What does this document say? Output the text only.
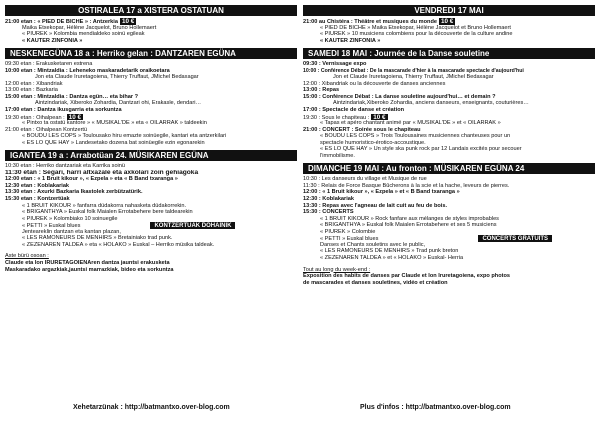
OSTIRALEA 17 a XISTERA OSTATUAN
21:00 etan : « PIED DE BICHE » : Antzerkia 10 €
Maika Etxekopar, Hélène Jacquelot, Bruno Hollemaert
« PIUREK » Kolombia mendialdeko soinü egileak
« KAUTER ZINFONIA »
NESKENEGÜNA 18 a : Herriko gelan : DANTZAREN EGÜNA
09:30 etan : Erakusketaren estrena
10:00 etan : Mintzaldia : Leheneko maskaradetarik oraikoetara
Jon eta Claude Iruretagoiena, Thierry Truffaut, JMichel Bedaxagar
12:00 etan : Xibandriak
13:00 etan : Bazkaria
15:00 etan : Mintzaldia : Dantza egün… eta bihar ?
Aintzindariak, Xiberoko Zohardia, Dantzari ohi, Erakasle, dendari…
17:00 etan : Dantza ikusgarria eta sorkuntza
19:30 etan : Oihalpean : 10 €
« Pintxo ta ostatü kantore » « MÜSIKAL'DE » eta « OILARRAK » taldeekin
21:00 etan : Oihalpean Kontzertü
« BOUDU LES COPS » Toulousako hiru emazte soinüegile, kantari eta antzerkilari
« ES LO QUE HAY » Landesetako dozena bat soinüegile ezin egonarekin
IGANTEA 19 a : Arrabotüan 24. MÜSIKAREN EGÜNA
10:30 etan : Herriko dantzariak eta Karrika soinü
11:30 etan : Segari, harri altxazale eta axkolari zoin gehiagoka
12:00 etan : « 1 Bruit kikour », « Ezpela » eta « B Band txaranga »
12:30 etan : Koblakariak
13:30 etan : Axurki Bazkaria Ikastolek zerbützatürik.
15:30 etan : Kontzertüak
« 1 BRUIT KIKOUR » fanfarra düdakorra nahasketa düdakorrekin.
« BRIGANTHYA » Euskal folk Maialen Errotabehere bere taldearekin
« PIUREK » Kolombiako 10 soinuegile
« PETTI » Euskal blues	KONTZERTUAK DOHAINIK
Jenteareklin dantzan eta kantan plazan,
« LES RAMONEURS DE MENHIRS » Bretainiako trad punk.
« ZEZENAREN TALDEA » eta « HOLAKO » Euskal – Herriko müsika taldeak.
Aste bürü osoan :
Claude eta Ion IRURETAGOIENAren dantza jauntsi erakusketa
Maskaradako argazkiak,jauntsi marrazkiak, bideo eta sorkuntza
VENDREDI 17 MAI
21:00 au Chistéra : Théâtre et musiques du monde 10 €
« PIED DE BICHE » Maika Etxekopar, Hélène Jacquelot et Bruno Hollemaert
« PIUREK » 10 musiciens colombiens pour la découverte de la culture andine
« KAUTER ZINFONIA »
SAMEDI 18 MAI : Journée de la Danse souletine
09:30 : Vernissage expo
10:00 : Conférence Débat : De la mascarade d'hier à la mascarade spectacle d'aujourd'hui
Jon et Claude Iruretagoiena, Thierry Truffaut, JMichel Bedaxagar
12:00 : Xibandriak ou la découverte de danses anciennes
13:00 : Repas
15:00 : Conférence Débat : La danse souletine aujourd'hui… et demain ?
Aintzindariak,Xiberoko Zohardia, anciens danseurs, enseignants, couturières…
17:00 : Spectacle de danse et création
19:30 : Sous le chapiteau : 10 €
« Tapas et apéro chantant animé par « MUSIKAL'DE » et « OILARRAK »
21:00 : CONCERT : Soirée sous le chapiteau
« BOUDU LES COPS » Trois Toulousaines musiciennes chanteuses pour un
spectacle humoristico-érotico-accoustique.
« ES LO QUE HAY » Un style ska punk rock par 12 Landais excités pour secouer
l'immobilisme.
DIMANCHE 19 MAI : Au fronton : MÜSIKAREN EGÜNA 24
10:30 : Les danseurs du village et Musique de rue
11:30 : Relais de Force Basque Bûcherons à la scie et la hache, leveurs de pierres.
12:00 : « 1 Bruit kikour », « Ezpela » et « B Band txaranga »
12:30 : Koblakariak
13:30 : Repas avec l'agneau de lait cuit au feu de bois.
15:30 : CONCERTS
« 1 BRUIT KIKOUR » Rock fanfare aux mélanges de styles improbables
« BRIGANTHYA » Euskal folk Maialen Errotabehere et ses 5 musiciens
« PIUREK » Colombie
« PETTI » Euskal blues	CONCERTS GRATUITS
Danses et Chants souletins avec le public,
« LES RAMONEURS DE MENHIRS » Trad punk breton
« ZEZENAREN TALDEA » et « HOLAKO » Euskal- Herria
Tout au long du week-end :
Exposition des habits de danses par Claude et Ion Iruretagoiena, expo photos
de mascarades et danses souletines, vidéo et création
Xehetarzünak : http://batmantxo.over-blog.com	Plus d'infos : http://batmantxo.over-blog.com
